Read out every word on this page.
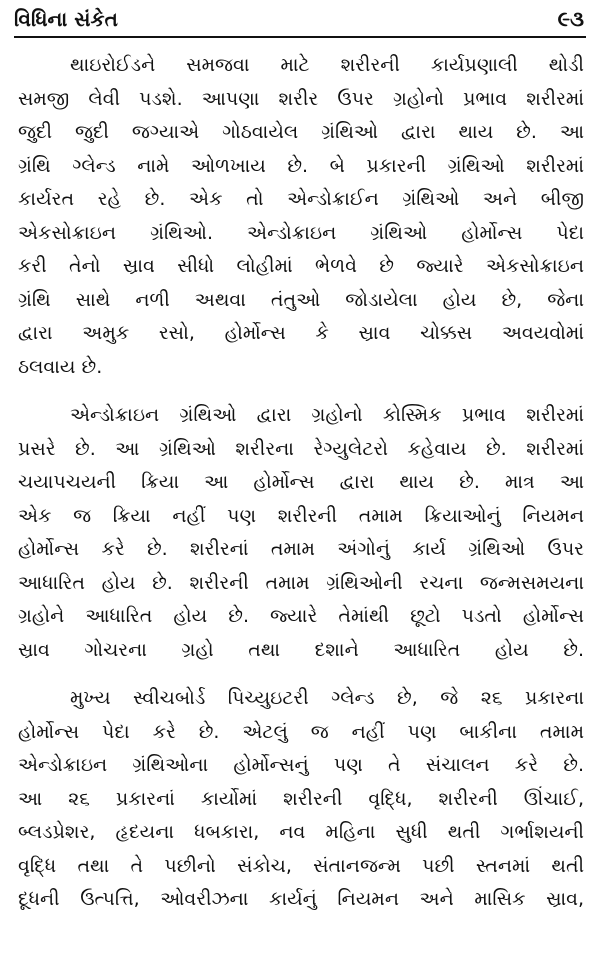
વિધિના સંકેત	૯૩
થાઇરોઈડને સમજવા માટે શરીરની કાર્યપ્રણાલી થોડી
સમજી લેવી પડશે. આપણા શરીર ઉપર ગ્રહોનો પ્રભાવ શરીરમાં
જુદી જુદી જગ્યાએ ગોઠવાયેલ ગ્રંથિઓ દ્વારા થાય છે. આ
ગ્રંથિ ગ્લેન્ડ નામે ઓળખાય છે. બે પ્રકારની ગ્રંથિઓ શરીરમાં
કાર્યરત રહે છે. એક તો એન્ડોક્રાઈન ગ્રંથિઓ અને બીજી
એકસોક્રાઇન ગ્રંથિઓ. એન્ડોક્રાઇન ગ્રંથિઓ હોર્મોન્સ પેદા
કરી તેનો સ્રાવ સીધો લોહીમાં ભેળવે છે જ્યારે એકસોક્રાઇન
ગ્રંથિ સાથે નળી અથવા તંતુઓ જોડાયેલા હોય છે, જેના
દ્વારા અમુક રસો, હોર્મોન્સ કે સ્રાવ ચોક્કસ અવયવોમાં
ઠલવાય છે.
એન્ડોક્રાઇન ગ્રંથિઓ દ્વારા ગ્રહોનો કોસ્મિક પ્રભાવ શરીરમાં
પ્રસરે છે. આ ગ્રંથિઓ શરીરના રેગ્યુલેટરો કહેવાય છે. શરીરમાં
ચયાપચયની ક્રિયા આ હોર્મોન્સ દ્વારા થાય છે. માત્ર આ
એક જ ક્રિયા નહીં પણ શરીરની તમામ ક્રિયાઓનું નિયમન
હોર્મોન્સ કરે છે. શરીરનાં તમામ અંગોનું કાર્ય ગ્રંથિઓ ઉપર
આધારિત હોય છે. શરીરની તમામ ગ્રંથિઓની રચના જન્મસમયના
ગ્રહોને આધારિત હોય છે. જ્યારે તેમાંથી છૂટો પડતો હોર્મોન્સ
સ્રાવ ગોચરના ગ્રહો તથા દશાને આધારિત હોય છે.
મુખ્ય સ્વીચબોર્ડ પિચ્યુઇટરી ગ્લેન્ડ છે, જે ૨૬ પ્રકારના
હોર્મોન્સ પેદા કરે છે. એટલું જ નહીં પણ બાકીના તમામ
એન્ડોક્રાઇન ગ્રંથિઓના હોર્મોન્સનું પણ તે સંચાલન કરે છે.
આ ૨૬ પ્રકારનાં કાર્યોમાં શરીરની વૃદ્ધિ, શરીરની ઊંચાઈ,
બ્લડપ્રેશર, હૃદયના ધબકારા, નવ મહિના સુધી થતી ગર્ભાશયની
વૃદ્ધિ તથા તે પછીનો સંકોચ, સંતાનજન્મ પછી સ્તનમાં થતી
દૂધની ઉત્પત્તિ, ઓવરીઝના કાર્યનું નિયમન અને માસિક સ્રાવ,
